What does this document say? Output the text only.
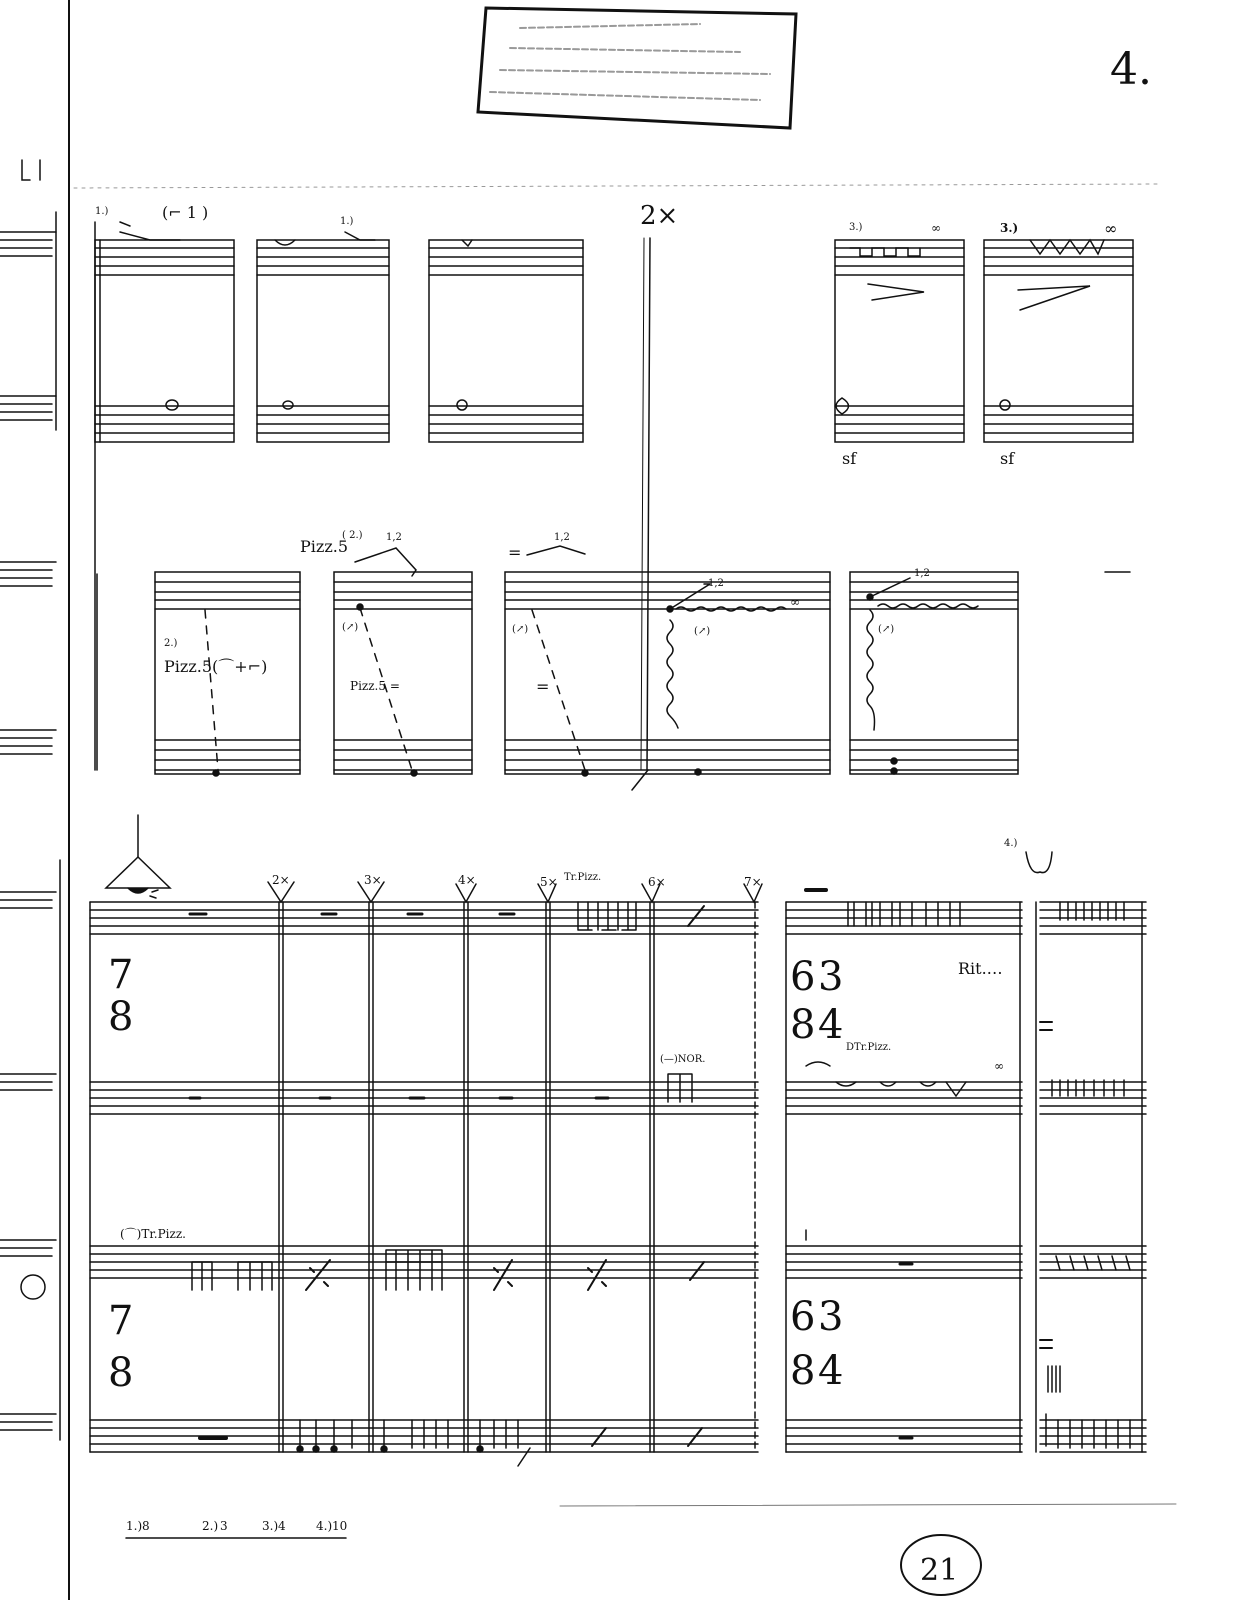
4.
2×
1.)	(⌐ 1 )	1.)
3.)	3.)
∞	∞
sf	sf
Pizz.5
( 2.) 1,2
=
1,2
1,2
1,2
2.)
Pizz.5(⌒+⌐)
Pizz.5 =	=
(↗)	(↗)	(↗)	(↗)
∞
7
8
7
8
6
8
3
4
6
8
3
4
2×	3×	4×	5×	6×	7×
Tr.Pizz.
(⌒)Tr.Pizz.
DTr.Pizz.
(—)NOR.
Rit.…
4.)
∞
1.) 8	2.) 3	3.) 4	4.) 10
21
